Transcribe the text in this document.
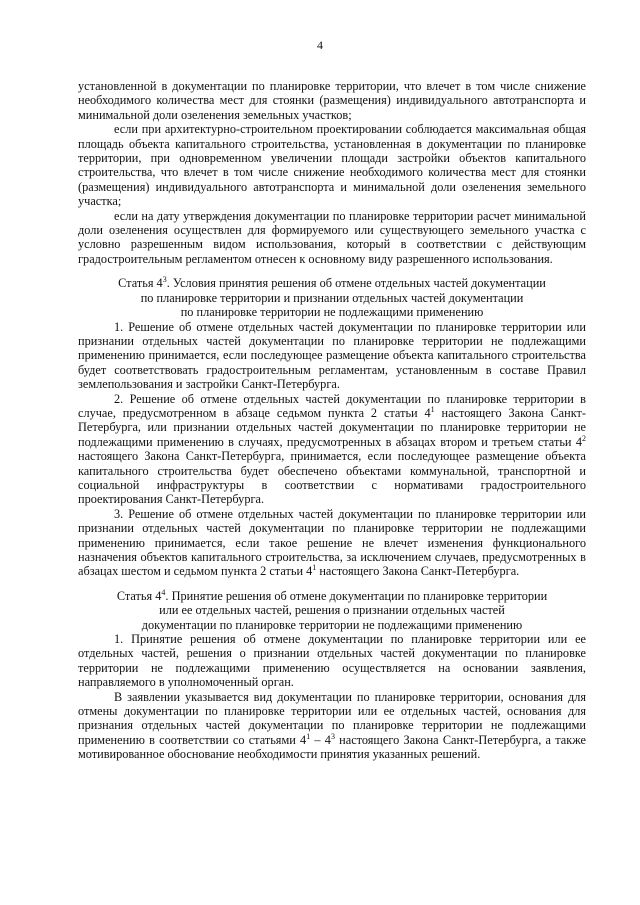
4

установленной в документации по планировке территории, что влечет в том числе снижение необходимого количества мест для стоянки (размещения) индивидуального автотранспорта и минимальной доли озеленения земельных участков;

если при архитектурно-строительном проектировании соблюдается максимальная общая площадь объекта капитального строительства, установленная в документации по планировке территории, при одновременном увеличении площади застройки объектов капитального строительства, что влечет в том числе снижение необходимого количества мест для стоянки (размещения) индивидуального автотранспорта и минимальной доли озеленения земельного участка;

если на дату утверждения документации по планировке территории расчет минимальной доли озеленения осуществлен для формируемого или существующего земельного участка с условно разрешенным видом использования, который в соответствии с действующим градостроительным регламентом отнесен к основному виду разрешенного использования.

Статья $4^3$. Условия принятия решения об отмене отдельных частей документации
по планировке территории и признании отдельных частей документации
по планировке территории не подлежащими применению

1. Решение об отмене отдельных частей документации по планировке территории или признании отдельных частей документации по планировке территории не подлежащими применению принимается, если последующее размещение объекта капитального строительства будет соответствовать градостроительным регламентам, установленным в составе Правил землепользования и застройки Санкт-Петербурга.

2. Решение об отмене отдельных частей документации по планировке территории в случае, предусмотренном в абзаце седьмом пункта 2 статьи $4^1$ настоящего Закона Санкт-Петербурга, или признании отдельных частей документации по планировке территории не подлежащими применению в случаях, предусмотренных в абзацах втором и третьем статьи $4^2$ настоящего Закона Санкт-Петербурга, принимается, если последующее размещение объекта капитального строительства будет обеспечено объектами коммунальной, транспортной и социальной инфраструктуры в соответствии с нормативами градостроительного проектирования Санкт-Петербурга.

3. Решение об отмене отдельных частей документации по планировке территории или признании отдельных частей документации по планировке территории не подлежащими применению принимается, если такое решение не влечет изменения функционального назначения объектов капитального строительства, за исключением случаев, предусмотренных в абзацах шестом и седьмом пункта 2 статьи $4^1$ настоящего Закона Санкт-Петербурга.

Статья $4^4$. Принятие решения об отмене документации по планировке территории
или ее отдельных частей, решения о признании отдельных частей
документации по планировке территории не подлежащими применению

1. Принятие решения об отмене документации по планировке территории или ее отдельных частей, решения о признании отдельных частей документации по планировке территории не подлежащими применению осуществляется на основании заявления, направляемого в уполномоченный орган.

В заявлении указывается вид документации по планировке территории, основания для отмены документации по планировке территории или ее отдельных частей, основания для признания отдельных частей документации по планировке территории не подлежащими применению в соответствии со статьями $4^1 - 4^3$ настоящего Закона Санкт-Петербурга, а также мотивированное обоснование необходимости принятия указанных решений.
